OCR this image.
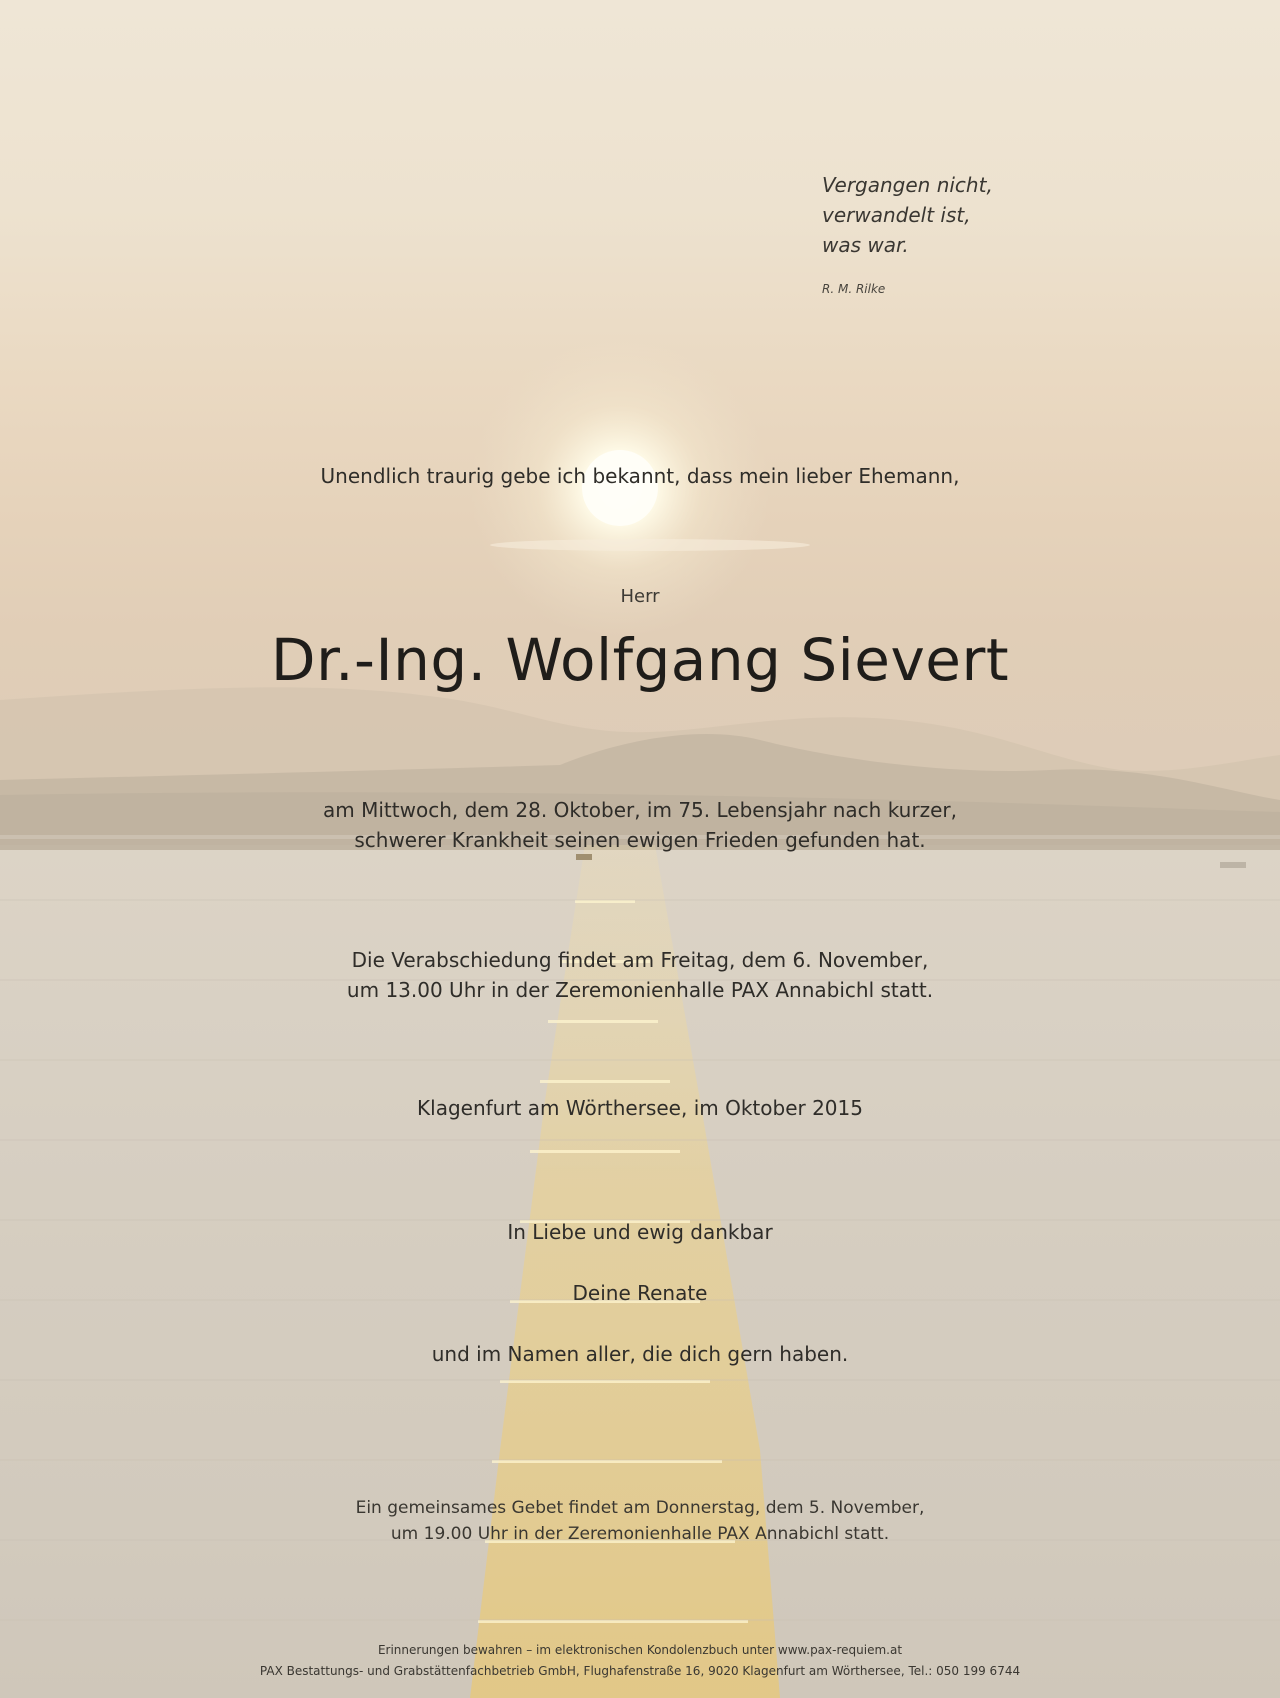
Vergangen nicht,
verwandelt ist,
was war.
R. M. Rilke
Unendlich traurig gebe ich bekannt, dass mein lieber Ehemann,
Herr
Dr.-Ing. Wolfgang Sievert
am Mittwoch, dem 28. Oktober, im 75. Lebensjahr nach kurzer,
schwerer Krankheit seinen ewigen Frieden gefunden hat.
Die Verabschiedung findet am Freitag, dem 6. November,
um 13.00 Uhr in der Zeremonienhalle PAX Annabichl statt.
Klagenfurt am Wörthersee, im Oktober 2015
In Liebe und ewig dankbar
Deine Renate
und im Namen aller, die dich gern haben.
Ein gemeinsames Gebet findet am Donnerstag, dem 5. November,
um 19.00 Uhr in der Zeremonienhalle PAX Annabichl statt.
Erinnerungen bewahren – im elektronischen Kondolenzbuch unter www.pax-requiem.at
PAX Bestattungs- und Grabstättenfachbetrieb GmbH, Flughafenstraße 16, 9020 Klagenfurt am Wörthersee, Tel.: 050 199 6744
